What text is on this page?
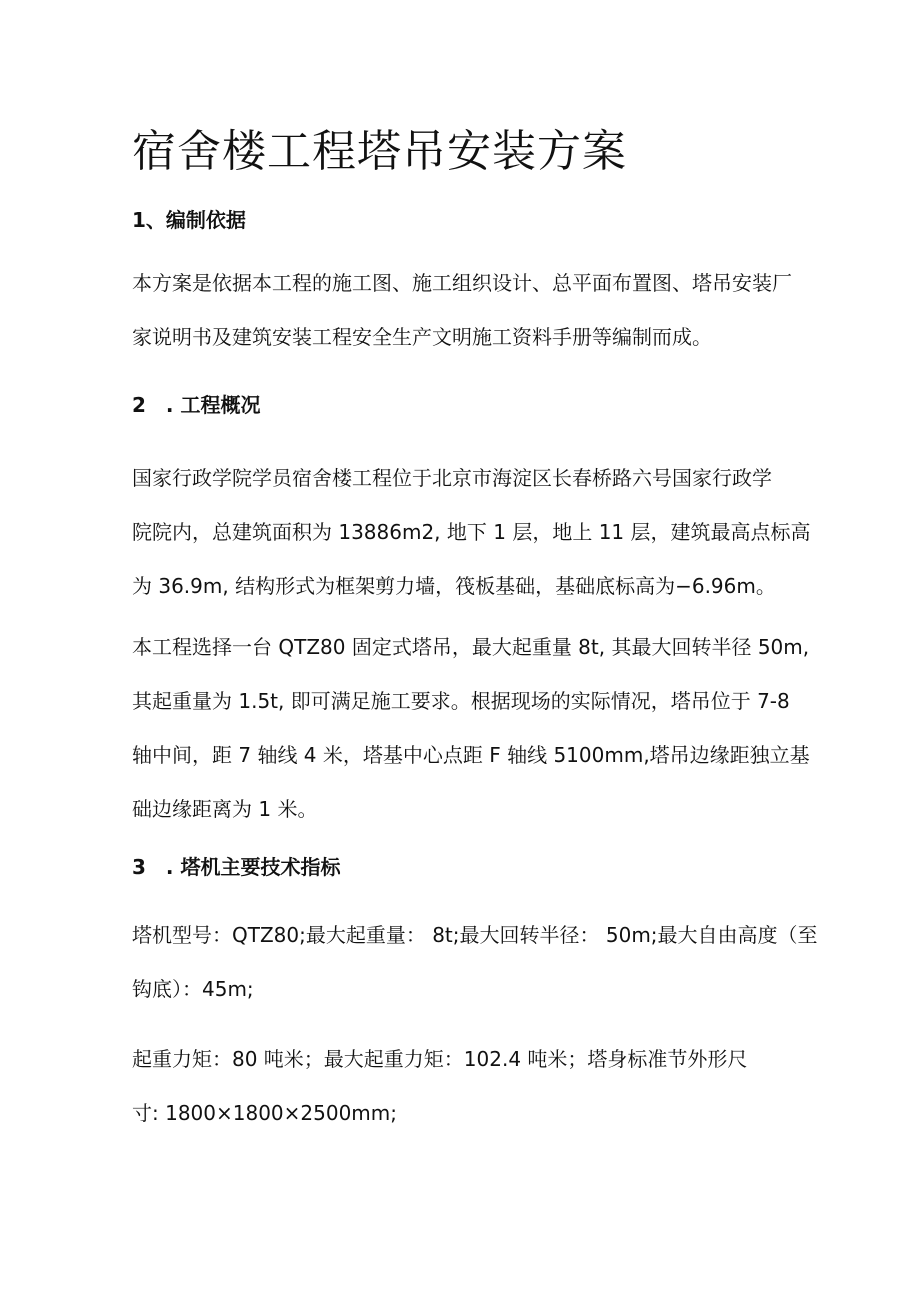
宿舍楼工程塔吊安装方案
1、编制依据

本方案是依据本工程的施工图、施工组织设计、总平面布置图、塔吊安装厂
家说明书及建筑安装工程安全生产文明施工资料手册等编制而成。

2　. 工程概况

国家行政学院学员宿舍楼工程位于北京市海淀区长春桥路六号国家行政学
院院内，总建筑面积为 13886m2, 地下 1 层，地上 11 层，建筑最高点标高
为 36.9m, 结构形式为框架剪力墙，筏板基础，基础底标高为−6.96m。

本工程选择一台 QTZ80 固定式塔吊，最大起重量 8t, 其最大回转半径 50m,
其起重量为 1.5t, 即可满足施工要求。根据现场的实际情况，塔吊位于 7-8
轴中间，距 7 轴线 4 米，塔基中心点距 F 轴线 5100mm,塔吊边缘距独立基
础边缘距离为 1 米。

3　. 塔机主要技术指标

塔机型号：QTZ80;最大起重量： 8t;最大回转半径： 50m;最大自由高度（至
钩底）：45m;

起重力矩：80 吨米；最大起重力矩：102.4 吨米；塔身标准节外形尺
寸: 1800×1800×2500mm;
